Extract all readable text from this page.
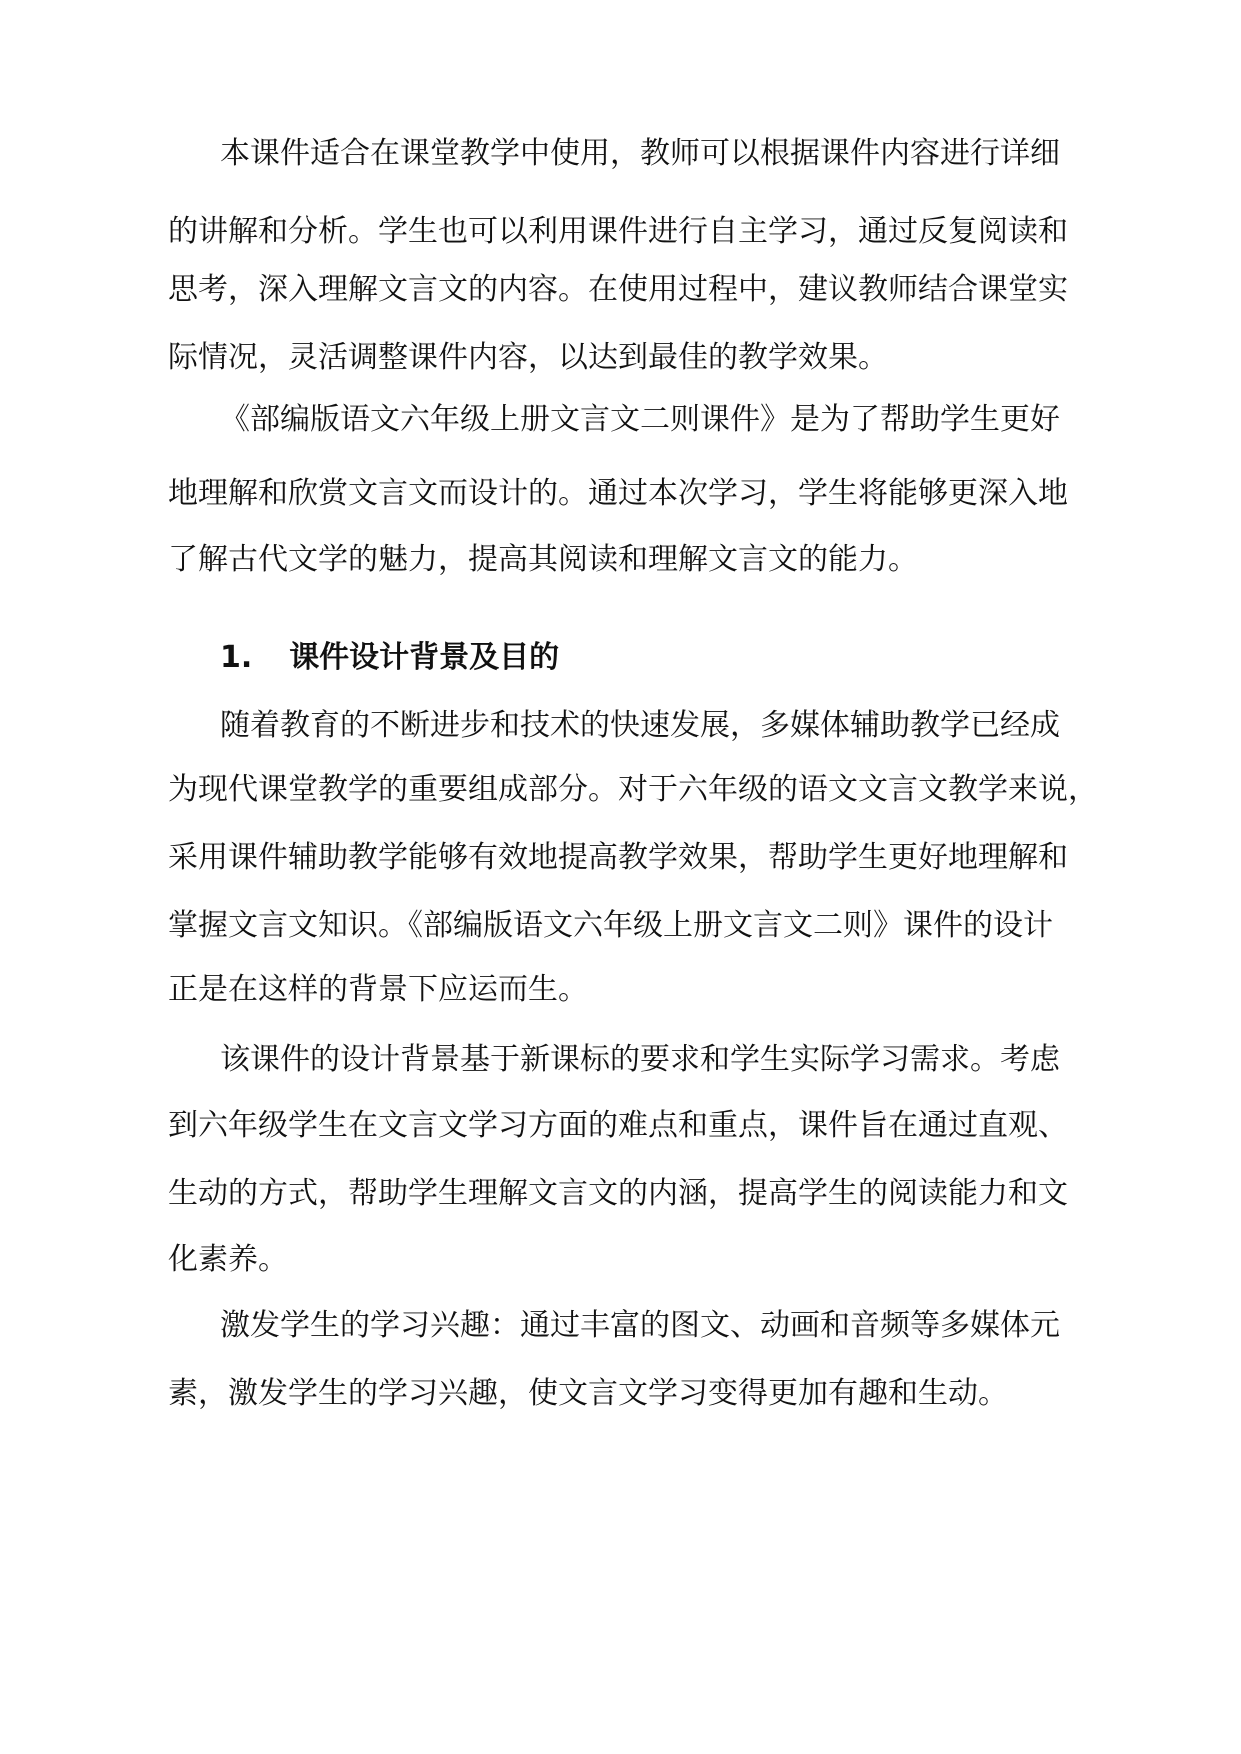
本课件适合在课堂教学中使用，教师可以根据课件内容进行详细
的讲解和分析。学生也可以利用课件进行自主学习，通过反复阅读和
思考，深入理解文言文的内容。在使用过程中，建议教师结合课堂实
际情况，灵活调整课件内容，以达到最佳的教学效果。
《部编版语文六年级上册文言文二则课件》是为了帮助学生更好
地理解和欣赏文言文而设计的。通过本次学习，学生将能够更深入地
了解古代文学的魅力，提高其阅读和理解文言文的能力。
1. 课件设计背景及目的
随着教育的不断进步和技术的快速发展，多媒体辅助教学已经成
为现代课堂教学的重要组成部分。对于六年级的语文文言文教学来说，
采用课件辅助教学能够有效地提高教学效果，帮助学生更好地理解和
掌握文言文知识。《部编版语文六年级上册文言文二则》课件的设计
正是在这样的背景下应运而生。
该课件的设计背景基于新课标的要求和学生实际学习需求。考虑
到六年级学生在文言文学习方面的难点和重点，课件旨在通过直观、
生动的方式，帮助学生理解文言文的内涵，提高学生的阅读能力和文
化素养。
激发学生的学习兴趣：通过丰富的图文、动画和音频等多媒体元
素，激发学生的学习兴趣，使文言文学习变得更加有趣和生动。
